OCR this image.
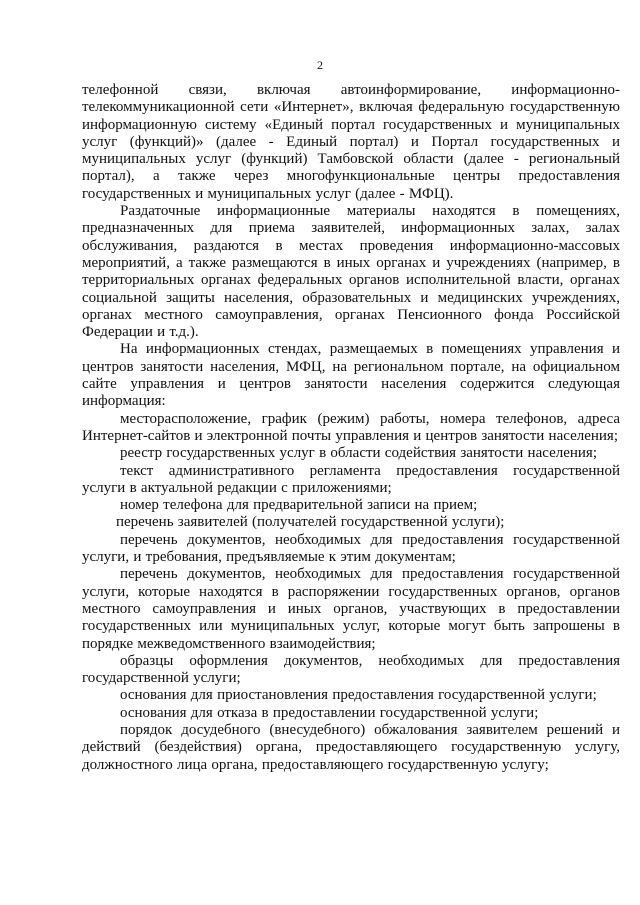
2

телефонной связи, включая автоинформирование, информационно-телекоммуникационной сети «Интернет», включая федеральную государственную информационную систему «Единый портал государственных и муниципальных услуг (функций)» (далее - Единый портал) и Портал государственных и муниципальных услуг (функций) Тамбовской области (далее - региональный портал), а также через многофункциональные центры предоставления государственных и муниципальных услуг (далее - МФЦ).

Раздаточные информационные материалы находятся в помещениях, предназначенных для приема заявителей, информационных залах, залах обслуживания, раздаются в местах проведения информационно-массовых мероприятий, а также размещаются в иных органах и учреждениях (например, в территориальных органах федеральных органов исполнительной власти, органах социальной защиты населения, образовательных и медицинских учреждениях, органах местного самоуправления, органах Пенсионного фонда Российской Федерации и т.д.).

На информационных стендах, размещаемых в помещениях управления и центров занятости населения, МФЦ, на региональном портале, на официальном сайте управления и центров занятости населения содержится следующая информация:

месторасположение, график (режим) работы, номера телефонов, адреса Интернет-сайтов и электронной почты управления и центров занятости населения;

реестр государственных услуг в области содействия занятости населения;

текст административного регламента предоставления государственной услуги в актуальной редакции с приложениями;

номер телефона для предварительной записи на прием;

перечень заявителей (получателей государственной услуги);

перечень документов, необходимых для предоставления государственной услуги, и требования, предъявляемые к этим документам;

перечень документов, необходимых для предоставления государственной услуги, которые находятся в распоряжении государственных органов, органов местного самоуправления и иных органов, участвующих в предоставлении государственных или муниципальных услуг, которые могут быть запрошены в порядке межведомственного взаимодействия;

образцы оформления документов, необходимых для предоставления государственной услуги;

основания для приостановления предоставления государственной услуги;

основания для отказа в предоставлении государственной услуги;

порядок досудебного (внесудебного) обжалования заявителем решений и действий (бездействия) органа, предоставляющего государственную услугу, должностного лица органа, предоставляющего государственную услугу;
